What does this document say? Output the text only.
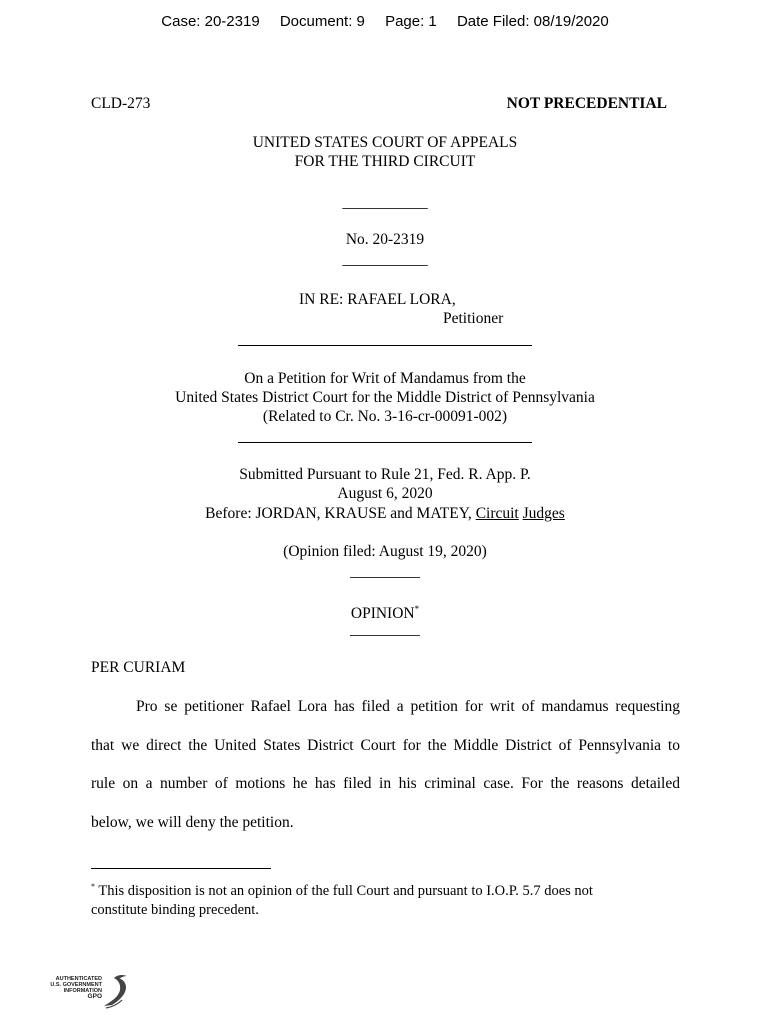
Case: 20-2319 Document: 9 Page: 1 Date Filed: 08/19/2020
CLD-273	NOT PRECEDENTIAL
UNITED STATES COURT OF APPEALS
FOR THE THIRD CIRCUIT
___________
No. 20-2319
___________
IN RE: RAFAEL LORA,
Petitioner
On a Petition for Writ of Mandamus from the
United States District Court for the Middle District of Pennsylvania
(Related to Cr. No. 3-16-cr-00091-002)
Submitted Pursuant to Rule 21, Fed. R. App. P.
August 6, 2020
Before: JORDAN, KRAUSE and MATEY, Circuit Judges
(Opinion filed: August 19, 2020)
_________
OPINION*
_________
PER CURIAM
Pro se petitioner Rafael Lora has filed a petition for writ of mandamus requesting
that we direct the United States District Court for the Middle District of Pennsylvania to
rule on a number of motions he has filed in his criminal case. For the reasons detailed
below, we will deny the petition.
* This disposition is not an opinion of the full Court and pursuant to I.O.P. 5.7 does not
constitute binding precedent.
AUTHENTICATED
U.S. GOVERNMENT
INFORMATION
GPO
